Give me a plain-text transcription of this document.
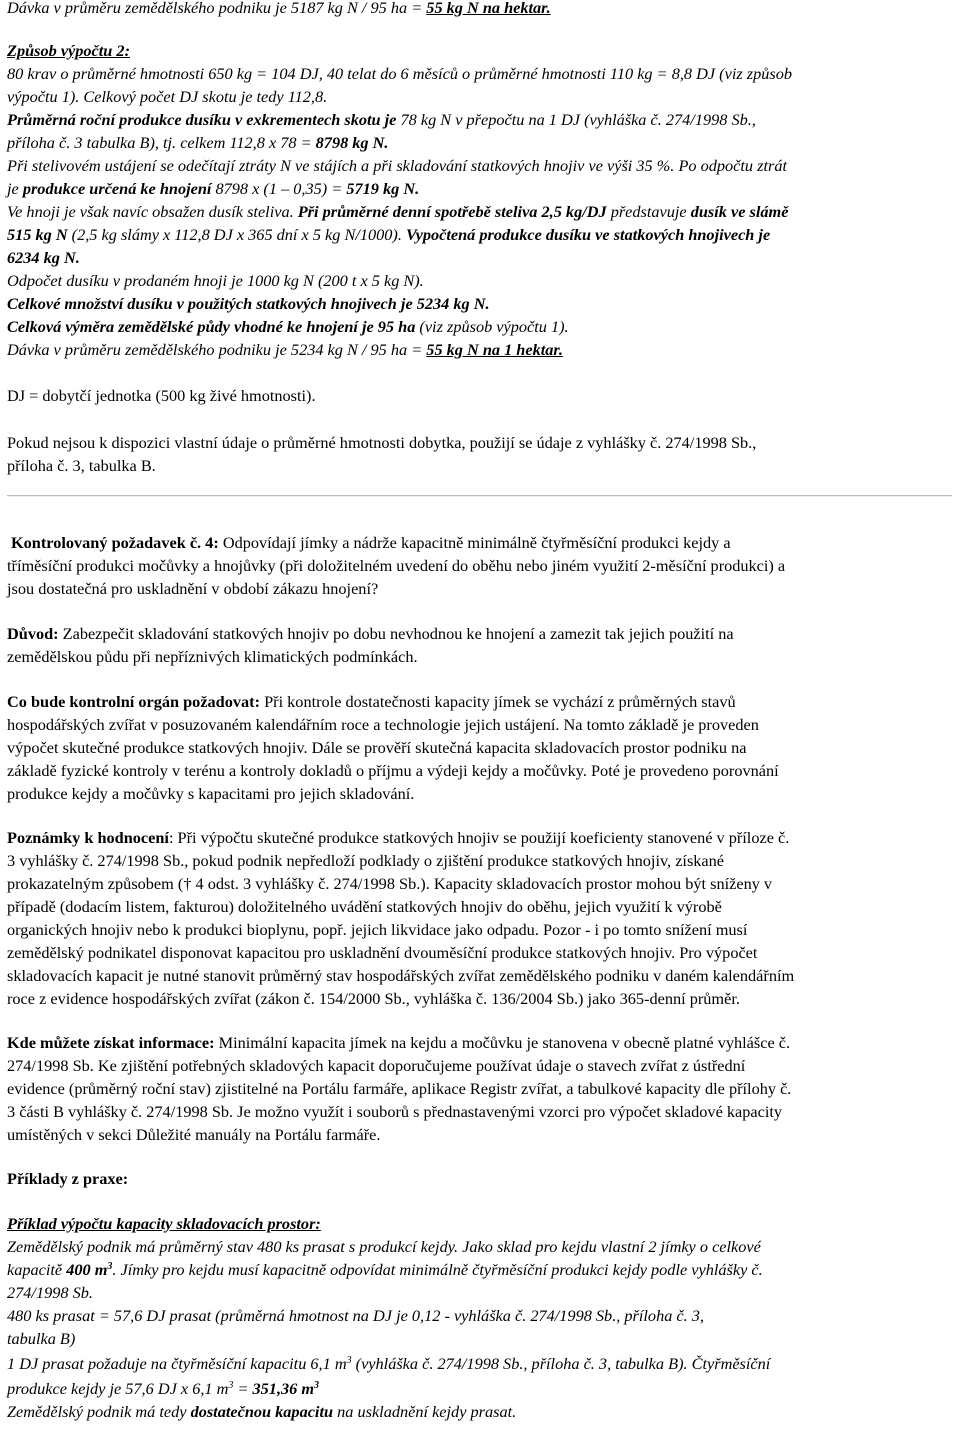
Dávka v průměru zemědělského podniku je 5187 kg N / 95 ha = 55 kg N na hektar.

Způsob výpočtu 2:

80 krav o průměrné hmotnosti 650 kg = 104 DJ, 40 telat do 6 měsíců o průměrné hmotnosti 110 kg = 8,8 DJ (viz způsob

výpočtu 1). Celkový počet DJ skotu je tedy 112,8.

Průměrná roční produkce dusíku v exkrementech skotu je 78 kg N v přepočtu na 1 DJ (vyhláška č. 274/1998 Sb.,

příloha č. 3 tabulka B), tj. celkem 112,8 x 78 = 8798 kg N.

Při stelivovém ustájení se odečítají ztráty N ve stájích a při skladování statkových hnojiv ve výši 35 %. Po odpočtu ztrát

je produkce určená ke hnojení 8798 x (1 – 0,35) = 5719 kg N.

Ve hnoji je však navíc obsažen dusík steliva. Při průměrné denní spotřebě steliva 2,5 kg/DJ představuje dusík ve slámě

515 kg N (2,5 kg slámy x 112,8 DJ x 365 dní x 5 kg N/1000). Vypočtená produkce dusíku ve statkových hnojivech je

6234 kg N.

Odpočet dusíku v prodaném hnoji je 1000 kg N (200 t x 5 kg N).

Celkové množství dusíku v použitých statkových hnojivech je 5234 kg N.

Celková výměra zemědělské půdy vhodné ke hnojení je 95 ha (viz způsob výpočtu 1).

Dávka v průměru zemědělského podniku je 5234 kg N / 95 ha = 55 kg N na 1 hektar.

DJ = dobytčí jednotka (500 kg živé hmotnosti).

Pokud nejsou k dispozici vlastní údaje o průměrné hmotnosti dobytka, použijí se údaje z vyhlášky č. 274/1998 Sb.,

příloha č. 3, tabulka B.

Kontrolovaný požadavek č. 4: Odpovídají jímky a nádrže kapacitně minimálně čtyřměsíční produkci kejdy a

tříměsíční produkci močůvky a hnojůvky (při doložitelném uvedení do oběhu nebo jiném využití 2-měsíční produkci) a

jsou dostatečná pro uskladnění v období zákazu hnojení?

Důvod: Zabezpečit skladování statkových hnojiv po dobu nevhodnou ke hnojení a zamezit tak jejich použití na

zemědělskou půdu při nepříznivých klimatických podmínkách.

Co bude kontrolní orgán požadovat: Při kontrole dostatečnosti kapacity jímek se vychází z průměrných stavů

hospodářských zvířat v posuzovaném kalendářním roce a technologie jejich ustájení. Na tomto základě je proveden

výpočet skutečné produkce statkových hnojiv. Dále se prověří skutečná kapacita skladovacích prostor podniku na

základě fyzické kontroly v terénu a kontroly dokladů o příjmu a výdeji kejdy a močůvky. Poté je provedeno porovnání

produkce kejdy a močůvky s kapacitami pro jejich skladování.

Poznámky k hodnocení: Při výpočtu skutečné produkce statkových hnojiv se použijí koeficienty stanovené v příloze č.

3 vyhlášky č. 274/1998 Sb., pokud podnik nepředloží podklady o zjištění produkce statkových hnojiv, získané

prokazatelným způsobem († 4 odst. 3 vyhlášky č. 274/1998 Sb.). Kapacity skladovacích prostor mohou být sníženy v

případě (dodacím listem, fakturou) doložitelného uvádění statkových hnojiv do oběhu, jejich využití k výrobě

organických hnojiv nebo k produkci bioplynu, popř. jejich likvidace jako odpadu. Pozor - i po tomto snížení musí

zemědělský podnikatel disponovat kapacitou pro uskladnění dvouměsíční produkce statkových hnojiv. Pro výpočet

skladovacích kapacit je nutné stanovit průměrný stav hospodářských zvířat zemědělského podniku v daném kalendářním

roce z evidence hospodářských zvířat (zákon č. 154/2000 Sb., vyhláška č. 136/2004 Sb.) jako 365-denní průměr.

Kde můžete získat informace: Minimální kapacita jímek na kejdu a močůvku je stanovena v obecně platné vyhlášce č.

274/1998 Sb. Ke zjištění potřebných skladových kapacit doporučujeme používat údaje o stavech zvířat z ústřední

evidence (průměrný roční stav) zjistitelné na Portálu farmáře, aplikace Registr zvířat, a tabulkové kapacity dle přílohy č.

3 části B vyhlášky č. 274/1998 Sb. Je možno využít i souborů s přednastavenými vzorci pro výpočet skladové kapacity

umístěných v sekci Důležité manuály na Portálu farmáře.

Příklady z praxe:

Příklad výpočtu kapacity skladovacích prostor:

Zemědělský podnik má průměrný stav 480 ks prasat s produkcí kejdy. Jako sklad pro kejdu vlastní 2 jímky o celkové

kapacitě 400 $m^3$. Jímky pro kejdu musí kapacitně odpovídat minimálně čtyřměsíční produkci kejdy podle vyhlášky č.

274/1998 Sb.

480 ks prasat = 57,6 DJ prasat (průměrná hmotnost na DJ je 0,12 - vyhláška č. 274/1998 Sb., příloha č. 3,

tabulka B)

1 DJ prasat požaduje na čtyřměsíční kapacitu 6,1 $m^3$ (vyhláška č. 274/1998 Sb., příloha č. 3, tabulka B). Čtyřměsíční

produkce kejdy je 57,6 DJ x 6,1 $m^3 = 351,36$ $m^3$

Zemědělský podnik má tedy dostatečnou kapacitu na uskladnění kejdy prasat.
